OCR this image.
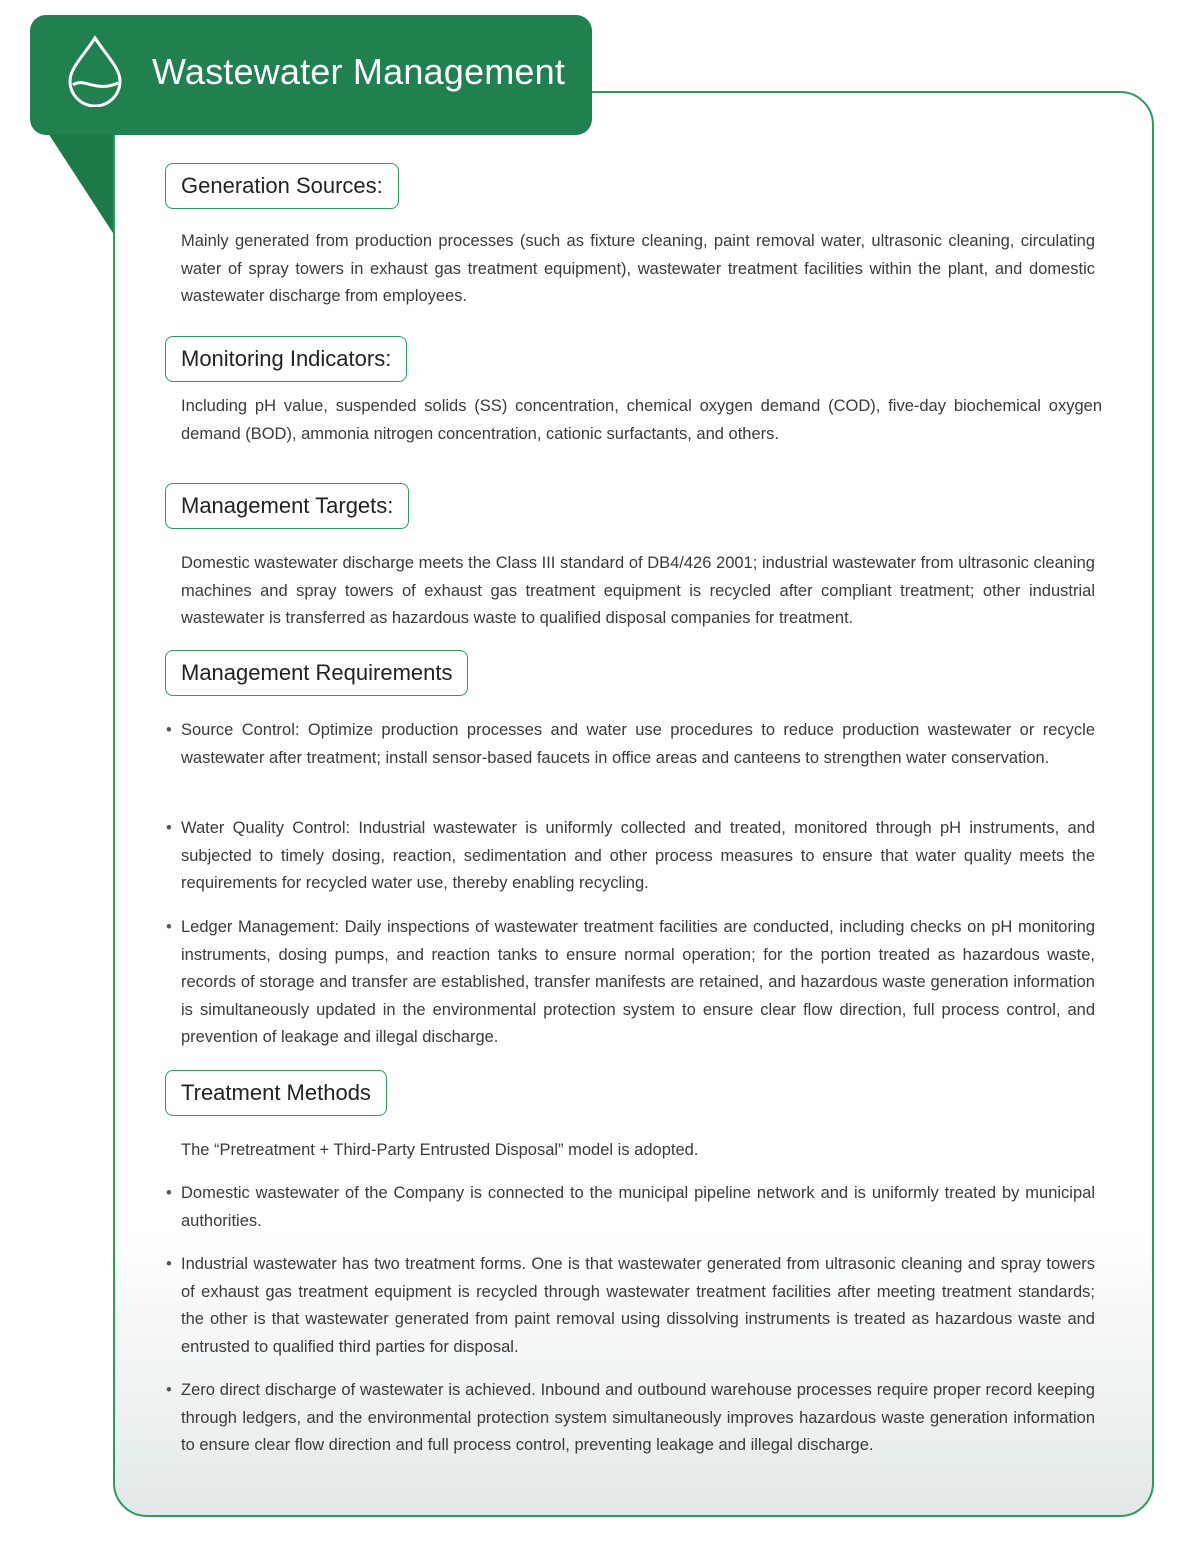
Wastewater Management
Generation Sources:
Mainly generated from production processes (such as fixture cleaning, paint removal water, ultrasonic cleaning, circulating water of spray towers in exhaust gas treatment equipment), wastewater treatment facilities within the plant, and domestic wastewater discharge from employees.
Monitoring Indicators:
Including pH value, suspended solids (SS) concentration, chemical oxygen demand (COD), five-day biochemical oxygen demand (BOD), ammonia nitrogen concentration, cationic surfactants, and others.
Management Targets:
Domestic wastewater discharge meets the Class III standard of DB4/426 2001; industrial wastewater from ultrasonic cleaning machines and spray towers of exhaust gas treatment equipment is recycled after compliant treatment; other industrial wastewater is transferred as hazardous waste to qualified disposal companies for treatment.
Management Requirements
• Source Control: Optimize production processes and water use procedures to reduce production wastewater or recycle wastewater after treatment; install sensor-based faucets in office areas and canteens to strengthen water conservation.
• Water Quality Control: Industrial wastewater is uniformly collected and treated, monitored through pH instruments, and subjected to timely dosing, reaction, sedimentation and other process measures to ensure that water quality meets the requirements for recycled water use, thereby enabling recycling.
• Ledger Management: Daily inspections of wastewater treatment facilities are conducted, including checks on pH monitoring instruments, dosing pumps, and reaction tanks to ensure normal operation; for the portion treated as hazardous waste, records of storage and transfer are established, transfer manifests are retained, and hazardous waste generation information is simultaneously updated in the environmental protection system to ensure clear flow direction, full process control, and prevention of leakage and illegal discharge.
Treatment Methods
The “Pretreatment + Third-Party Entrusted Disposal” model is adopted.
• Domestic wastewater of the Company is connected to the municipal pipeline network and is uniformly treated by municipal authorities.
• Industrial wastewater has two treatment forms. One is that wastewater generated from ultrasonic cleaning and spray towers of exhaust gas treatment equipment is recycled through wastewater treatment facilities after meeting treatment standards; the other is that wastewater generated from paint removal using dissolving instruments is treated as hazardous waste and entrusted to qualified third parties for disposal.
• Zero direct discharge of wastewater is achieved. Inbound and outbound warehouse processes require proper record keeping through ledgers, and the environmental protection system simultaneously improves hazardous waste generation information to ensure clear flow direction and full process control, preventing leakage and illegal discharge.
